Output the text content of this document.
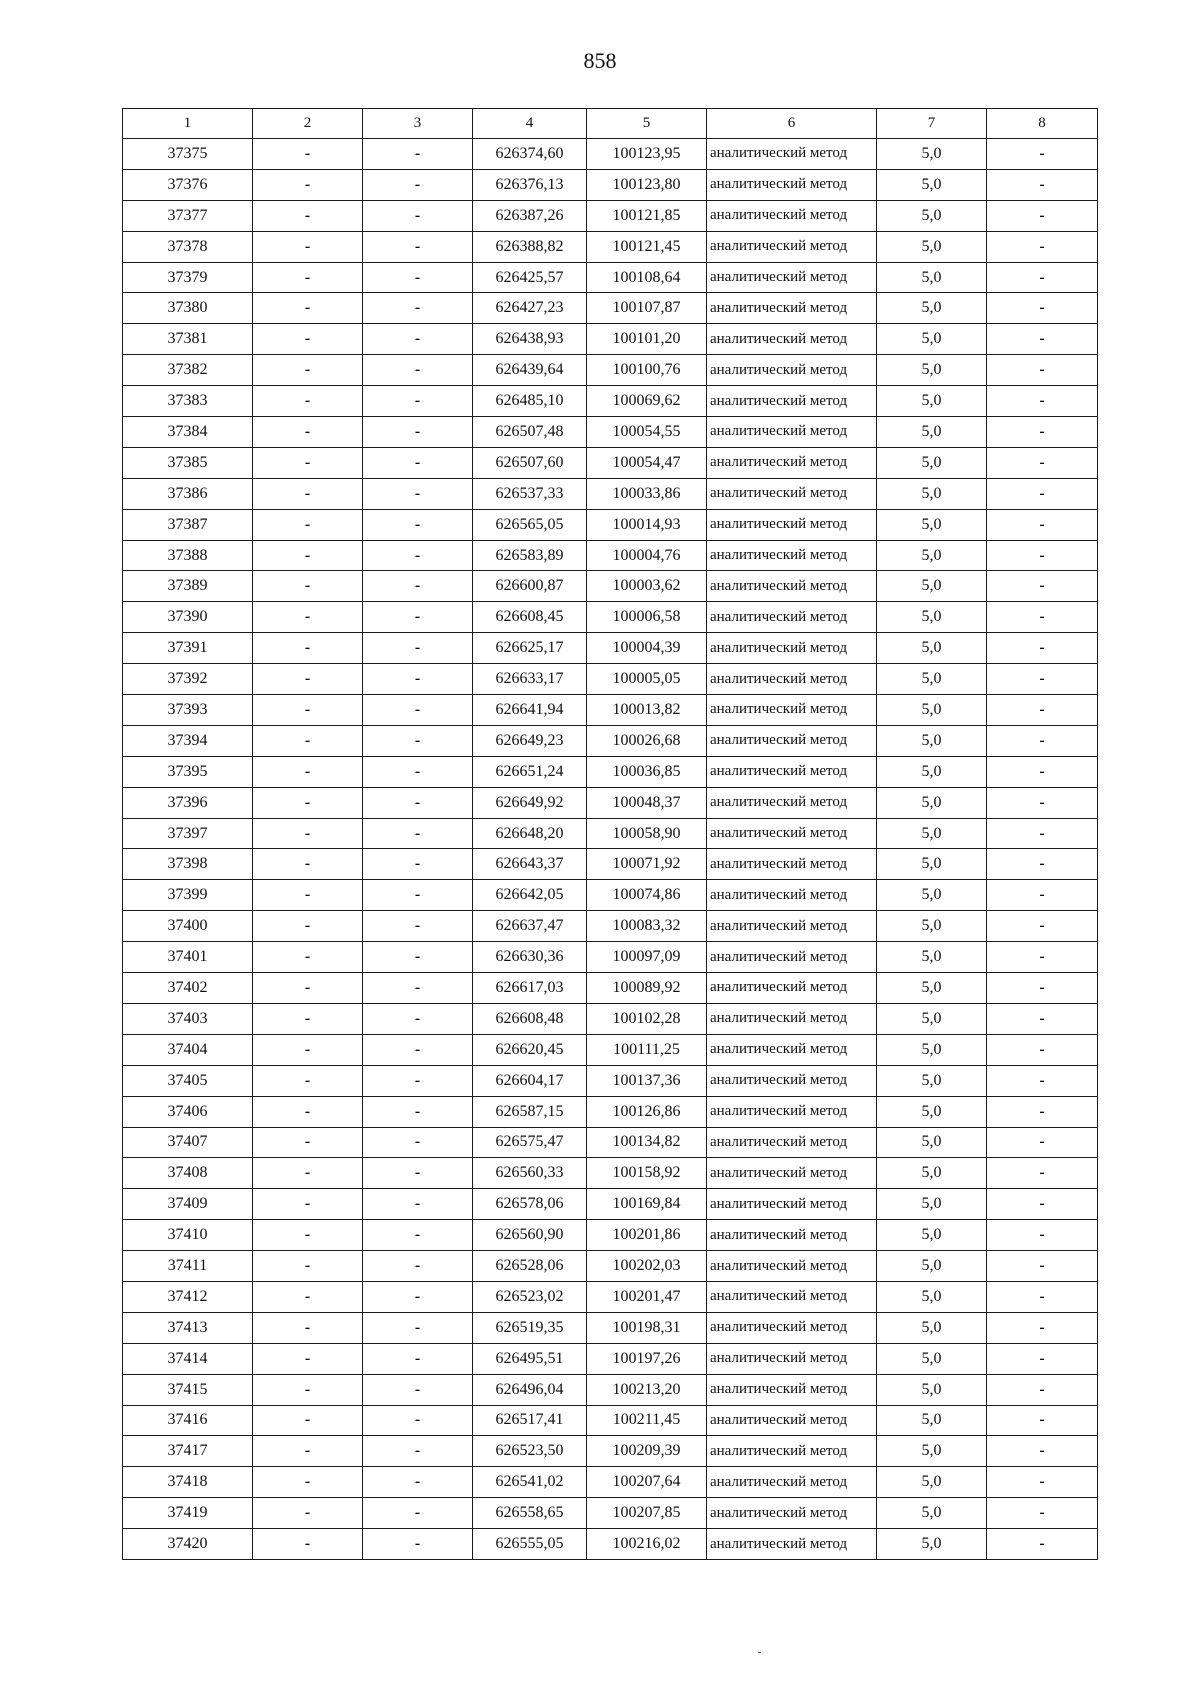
858
1	2	3	4	5	6	7	8
37375	-	-	626374,60	100123,95	аналитический метод	5,0	-
37376	-	-	626376,13	100123,80	аналитический метод	5,0	-
37377	-	-	626387,26	100121,85	аналитический метод	5,0	-
37378	-	-	626388,82	100121,45	аналитический метод	5,0	-
37379	-	-	626425,57	100108,64	аналитический метод	5,0	-
37380	-	-	626427,23	100107,87	аналитический метод	5,0	-
37381	-	-	626438,93	100101,20	аналитический метод	5,0	-
37382	-	-	626439,64	100100,76	аналитический метод	5,0	-
37383	-	-	626485,10	100069,62	аналитический метод	5,0	-
37384	-	-	626507,48	100054,55	аналитический метод	5,0	-
37385	-	-	626507,60	100054,47	аналитический метод	5,0	-
37386	-	-	626537,33	100033,86	аналитический метод	5,0	-
37387	-	-	626565,05	100014,93	аналитический метод	5,0	-
37388	-	-	626583,89	100004,76	аналитический метод	5,0	-
37389	-	-	626600,87	100003,62	аналитический метод	5,0	-
37390	-	-	626608,45	100006,58	аналитический метод	5,0	-
37391	-	-	626625,17	100004,39	аналитический метод	5,0	-
37392	-	-	626633,17	100005,05	аналитический метод	5,0	-
37393	-	-	626641,94	100013,82	аналитический метод	5,0	-
37394	-	-	626649,23	100026,68	аналитический метод	5,0	-
37395	-	-	626651,24	100036,85	аналитический метод	5,0	-
37396	-	-	626649,92	100048,37	аналитический метод	5,0	-
37397	-	-	626648,20	100058,90	аналитический метод	5,0	-
37398	-	-	626643,37	100071,92	аналитический метод	5,0	-
37399	-	-	626642,05	100074,86	аналитический метод	5,0	-
37400	-	-	626637,47	100083,32	аналитический метод	5,0	-
37401	-	-	626630,36	100097,09	аналитический метод	5,0	-
37402	-	-	626617,03	100089,92	аналитический метод	5,0	-
37403	-	-	626608,48	100102,28	аналитический метод	5,0	-
37404	-	-	626620,45	100111,25	аналитический метод	5,0	-
37405	-	-	626604,17	100137,36	аналитический метод	5,0	-
37406	-	-	626587,15	100126,86	аналитический метод	5,0	-
37407	-	-	626575,47	100134,82	аналитический метод	5,0	-
37408	-	-	626560,33	100158,92	аналитический метод	5,0	-
37409	-	-	626578,06	100169,84	аналитический метод	5,0	-
37410	-	-	626560,90	100201,86	аналитический метод	5,0	-
37411	-	-	626528,06	100202,03	аналитический метод	5,0	-
37412	-	-	626523,02	100201,47	аналитический метод	5,0	-
37413	-	-	626519,35	100198,31	аналитический метод	5,0	-
37414	-	-	626495,51	100197,26	аналитический метод	5,0	-
37415	-	-	626496,04	100213,20	аналитический метод	5,0	-
37416	-	-	626517,41	100211,45	аналитический метод	5,0	-
37417	-	-	626523,50	100209,39	аналитический метод	5,0	-
37418	-	-	626541,02	100207,64	аналитический метод	5,0	-
37419	-	-	626558,65	100207,85	аналитический метод	5,0	-
37420	-	-	626555,05	100216,02	аналитический метод	5,0	-
